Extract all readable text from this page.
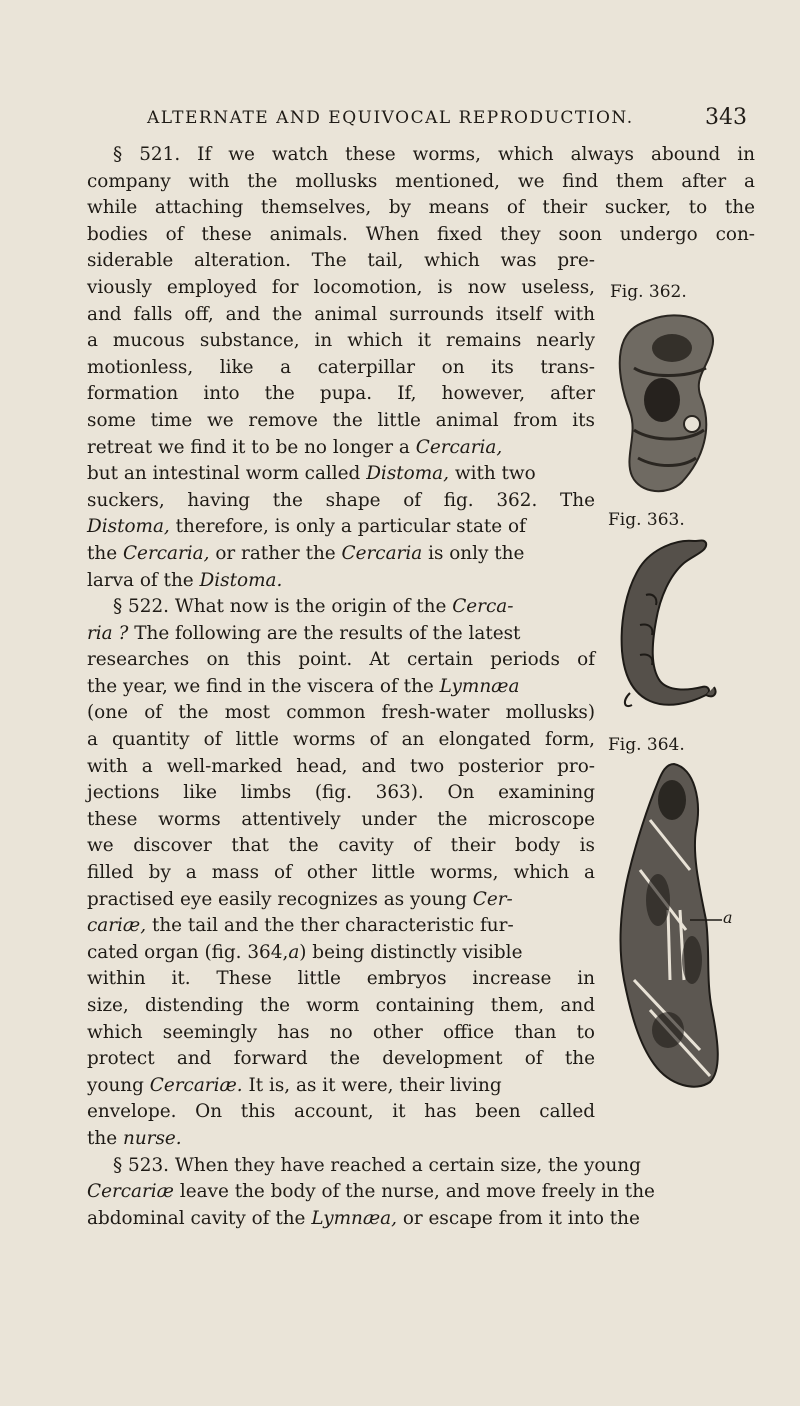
ALTERNATE AND EQUIVOCAL REPRODUCTION.	343
§ 521. If we watch these worms, which always abound in
company with the mollusks mentioned, we find them after a
while attaching themselves, by means of their sucker, to the
bodies of these animals. When fixed they soon undergo con-
siderable alteration. The tail, which was pre-
viously employed for locomotion, is now useless,
and falls off, and the animal surrounds itself with
a mucous substance, in which it remains nearly
motionless, like a caterpillar on its trans-
formation into the pupa. If, however, after
some time we remove the little animal from its
retreat we find it to be no longer a Cercaria,
but an intestinal worm called Distoma, with two
suckers, having the shape of fig. 362. The
Distoma, therefore, is only a particular state of
the Cercaria, or rather the Cercaria is only the
larva of the Distoma.
§ 522. What now is the origin of the Cerca-
ria ? The following are the results of the latest
researches on this point. At certain periods of
the year, we find in the viscera of the Lymnæa
(one of the most common fresh-water mollusks)
a quantity of little worms of an elongated form,
with a well-marked head, and two posterior pro-
jections like limbs (fig. 363). On examining
these worms attentively under the microscope
we discover that the cavity of their body is
filled by a mass of other little worms, which a
practised eye easily recognizes as young Cer-
cariæ, the tail and the ther characteristic fur-
cated organ (fig. 364,a) being distinctly visible
within it. These little embryos increase in
size, distending the worm containing them, and
which seemingly has no other office than to
protect and forward the development of the
young Cercariæ. It is, as it were, their living
envelope. On this account, it has been called
the nurse.
§ 523. When they have reached a certain size, the young
Cercariæ leave the body of the nurse, and move freely in the
abdominal cavity of the Lymnæa, or escape from it into the
Fig. 362.
Fig. 363.
Fig. 364.
a
